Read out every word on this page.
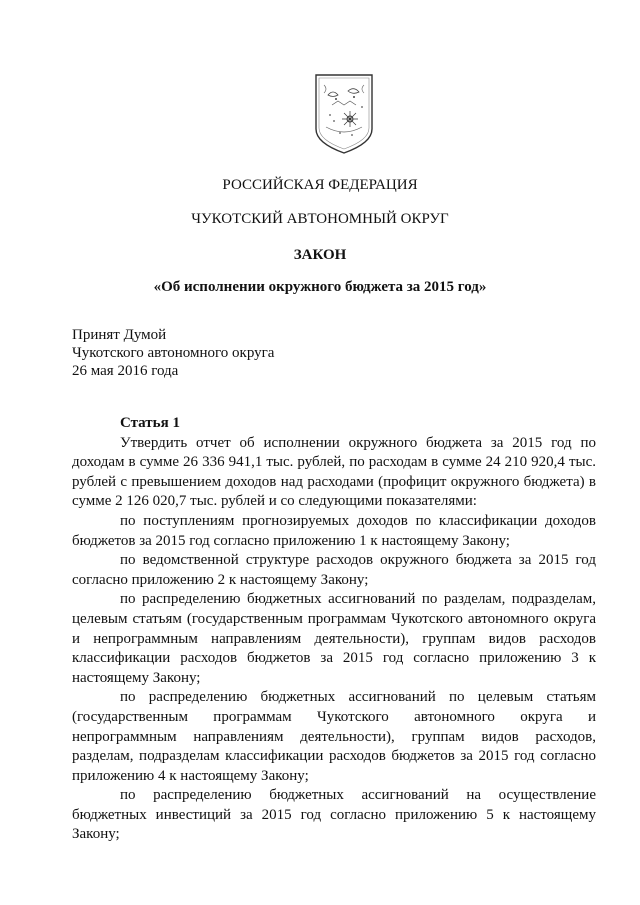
РОССИЙСКАЯ ФЕДЕРАЦИЯ
ЧУКОТСКИЙ АВТОНОМНЫЙ ОКРУГ
ЗАКОН
«Об исполнении окружного бюджета за 2015 год»
Принят Думой
Чукотского автономного округа
26 мая 2016 года

Статья 1

Утвердить отчет об исполнении окружного бюджета за 2015 год по доходам в сумме 26 336 941,1 тыс. рублей, по расходам в сумме 24 210 920,4 тыс. рублей с превышением доходов над расходами (профицит окружного бюджета) в сумме 2 126 020,7 тыс. рублей и со следующими показателями:

по поступлениям прогнозируемых доходов по классификации доходов бюджетов за 2015 год согласно приложению 1 к настоящему Закону;

по ведомственной структуре расходов окружного бюджета за 2015 год согласно приложению 2 к настоящему Закону;

по распределению бюджетных ассигнований по разделам, подразделам, целевым статьям (государственным программам Чукотского автономного округа и непрограммным направлениям деятельности), группам видов расходов классификации расходов бюджетов за 2015 год согласно приложению 3 к настоящему Закону;

по распределению бюджетных ассигнований по целевым статьям (государственным программам Чукотского автономного округа и непрограммным направлениям деятельности), группам видов расходов, разделам, подразделам классификации расходов бюджетов за 2015 год согласно приложению 4 к настоящему Закону;

по распределению бюджетных ассигнований на осуществление бюджетных инвестиций за 2015 год согласно приложению 5 к настоящему Закону;
